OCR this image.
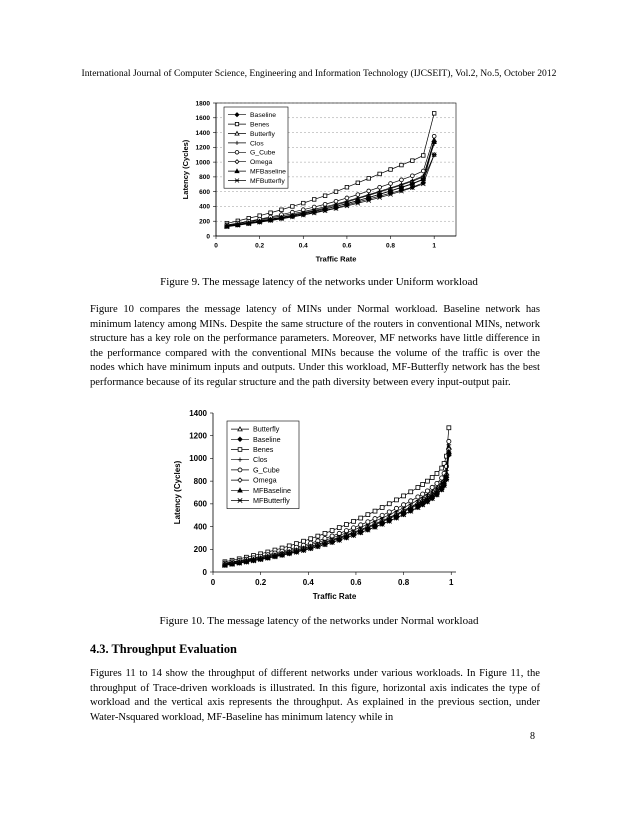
International Journal of Computer Science, Engineering and Information Technology (IJCSEIT), Vol.2, No.5, October 2012
0
200
400
600
800
1000
1200
1400
1600
1800
0	0.2	0.4	0.6	0.8	1
Traffic Rate
Latency (Cycles)
Baseline
Benes
Butterfly
Clos
G_Cube
Omega
MFBaseline
MFButterfly
Figure 9. The message latency of the networks under Uniform workload

Figure 10 compares the message latency of MINs under Normal workload. Baseline network has minimum latency among MINs. Despite the same structure of the routers in conventional MINs, network structure has a key role on the performance parameters. Moreover, MF networks have little difference in the performance compared with the conventional MINs because the volume of the traffic is over the nodes which have minimum inputs and outputs. Under this workload, MF-Butterfly network has the best performance because of its regular structure and the path diversity between every input-output pair.

0
200
400
600
800
1000
1200
1400
0	0.2	0.4	0.6	0.8	1
Traffic Rate
Latency (Cycles)
Butterfly
Baseline
Benes
Clos
G_Cube
Omega
MFBaseline
MFButterfly
Figure 10. The message latency of the networks under Normal workload
4.3. Throughput Evaluation

Figures 11 to 14 show the throughput of different networks under various workloads. In Figure 11, the throughput of Trace-driven workloads is illustrated. In this figure, horizontal axis indicates the type of workload and the vertical axis represents the throughput. As explained in the previous section, under Water-Nsquared workload, MF-Baseline has minimum latency while in

8
